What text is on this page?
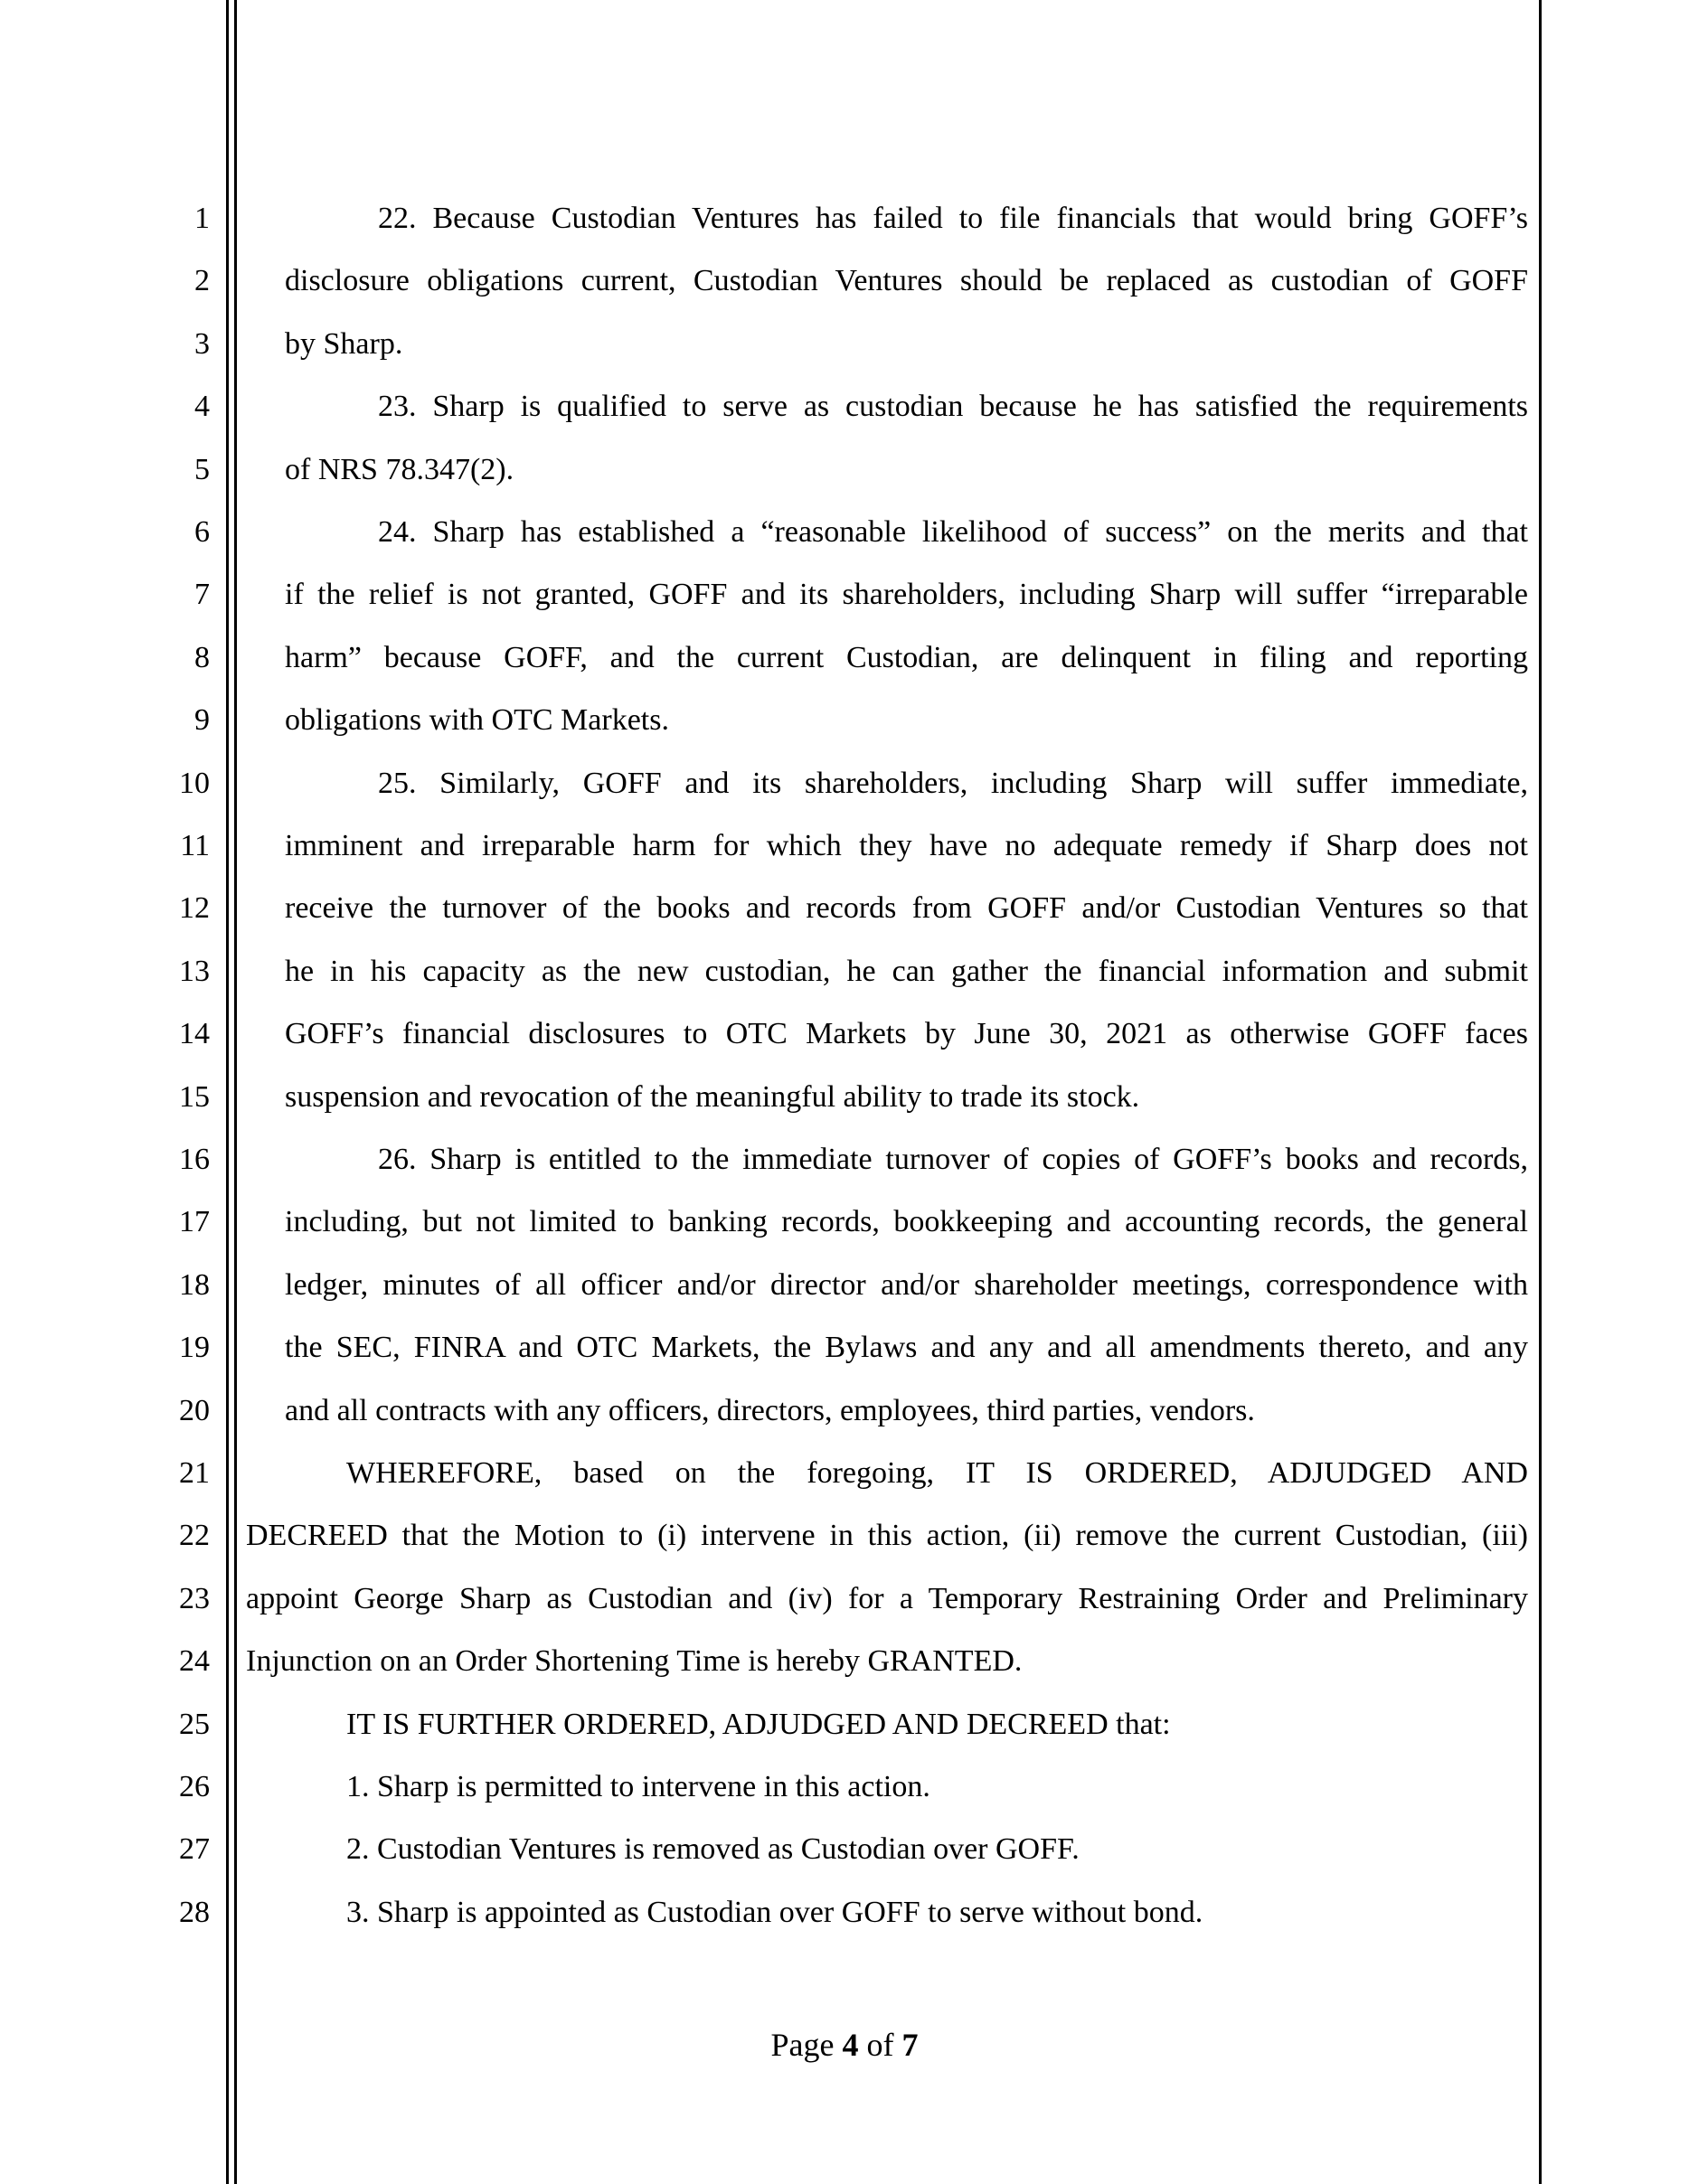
1
2
3
4
5
6
7
8
9
10
11
12
13
14
15
16
17
18
19
20
21
22
23
24
25
26
27
28
22. Because Custodian Ventures has failed to file financials that would bring GOFF’s
disclosure obligations current, Custodian Ventures should be replaced as custodian of GOFF
by Sharp.
23. Sharp is qualified to serve as custodian because he has satisfied the requirements
of NRS 78.347(2).
24. Sharp has established a “reasonable likelihood of success” on the merits and that
if the relief is not granted, GOFF and its shareholders, including Sharp will suffer “irreparable
harm” because GOFF, and the current Custodian, are delinquent in filing and reporting
obligations with OTC Markets.
25. Similarly, GOFF and its shareholders, including Sharp will suffer immediate,
imminent and irreparable harm for which they have no adequate remedy if Sharp does not
receive the turnover of the books and records from GOFF and/or Custodian Ventures so that
he in his capacity as the new custodian, he can gather the financial information and submit
GOFF’s financial disclosures to OTC Markets by June 30, 2021 as otherwise GOFF faces
suspension and revocation of the meaningful ability to trade its stock.
26. Sharp is entitled to the immediate turnover of copies of GOFF’s books and records,
including, but not limited to banking records, bookkeeping and accounting records, the general
ledger, minutes of all officer and/or director and/or shareholder meetings, correspondence with
the SEC, FINRA and OTC Markets, the Bylaws and any and all amendments thereto, and any
and all contracts with any officers, directors, employees, third parties, vendors.
WHEREFORE, based on the foregoing, IT IS ORDERED, ADJUDGED AND
DECREED that the Motion to (i) intervene in this action, (ii) remove the current Custodian, (iii)
appoint George Sharp as Custodian and (iv) for a Temporary Restraining Order and Preliminary
Injunction on an Order Shortening Time is hereby GRANTED.
IT IS FURTHER ORDERED, ADJUDGED AND DECREED that:
1. Sharp is permitted to intervene in this action.
2. Custodian Ventures is removed as Custodian over GOFF.
3. Sharp is appointed as Custodian over GOFF to serve without bond.
Page 4 of 7
